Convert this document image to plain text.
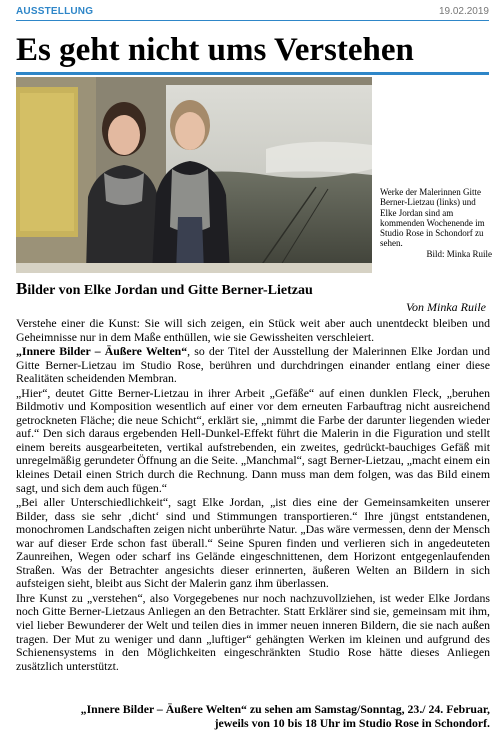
AUSSTELLUNG	19.02.2019
Es geht nicht ums Verstehen
Werke der Malerinnen Gitte Berner-Lietzau (links) und Elke Jordan sind am kommenden Wochenende im Studio Rose in Schondorf zu sehen.
Bild: Minka Ruile
Bilder von Elke Jordan und Gitte Berner-Lietzau
Von Minka Ruile

Verstehe einer die Kunst: Sie will sich zeigen, ein Stück weit aber auch unentdeckt bleiben und Geheimnisse nur in dem Maße enthüllen, wie sie Gewissheiten verschleiert.

„Innere Bilder – Äußere Welten“, so der Titel der Ausstellung der Malerinnen Elke Jordan und Gitte Berner-Lietzau im Studio Rose, berühren und durchdringen einander entlang einer diese Realitäten scheidenden Membran.

„Hier“, deutet Gitte Berner-Lietzau in ihrer Arbeit „Gefäße“ auf einen dunklen Fleck, „beruhen Bildmotiv und Komposition wesentlich auf einer vor dem erneuten Farbauftrag nicht ausreichend getrockneten Fläche; die neue Schicht“, erklärt sie, „nimmt die Farbe der darunter liegenden wieder auf.“ Den sich daraus ergebenden Hell-Dunkel-Effekt führt die Malerin in die Figuration und stellt einem bereits ausgearbeiteten, vertikal aufstrebenden, ein zweites, gedrückt-bauchiges Gefäß mit unregelmäßig gerundeter Öffnung an die Seite. „Manchmal“, sagt Berner-Lietzau, „macht einem ein kleines Detail einen Strich durch die Rechnung. Dann muss man dem folgen, was das Bild einem sagt, und sich dem auch fügen.“

„Bei aller Unterschiedlichkeit“, sagt Elke Jordan, „ist dies eine der Gemeinsamkeiten unserer Bilder, dass sie sehr ‚dicht‘ sind und Stimmungen transportieren.“ Ihre jüngst entstandenen, monochromen Landschaften zeigen nicht unberührte Natur. „Das wäre vermessen, denn der Mensch war auf dieser Erde schon fast überall.“ Seine Spuren finden und verlieren sich in angedeuteten Zaunreihen, Wegen oder scharf ins Gelände eingeschnittenen, dem Horizont entgegenlaufenden Straßen. Was der Betrachter angesichts dieser erinnerten, äußeren Welten an Bildern in sich aufsteigen sieht, bleibt aus Sicht der Malerin ganz ihm überlassen.

Ihre Kunst zu „verstehen“, also Vorgegebenes nur noch nachzuvollziehen, ist weder Elke Jordans noch Gitte Berner-Lietzaus Anliegen an den Betrachter. Statt Erklärer sind sie, gemeinsam mit ihm, viel lieber Bewunderer der Welt und teilen dies in immer neuen inneren Bildern, die sie nach außen tragen. Der Mut zu weniger und dann „luftiger“ gehängten Werken im kleinen und aufgrund des Schienensystems in den Möglichkeiten eingeschränkten Studio Rose hätte dieses Anliegen zusätzlich unterstützt.

„Innere Bilder – Äußere Welten“ zu sehen am Samstag/Sonntag, 23./ 24. Februar,
jeweils von 10 bis 18 Uhr im Studio Rose in Schondorf.
